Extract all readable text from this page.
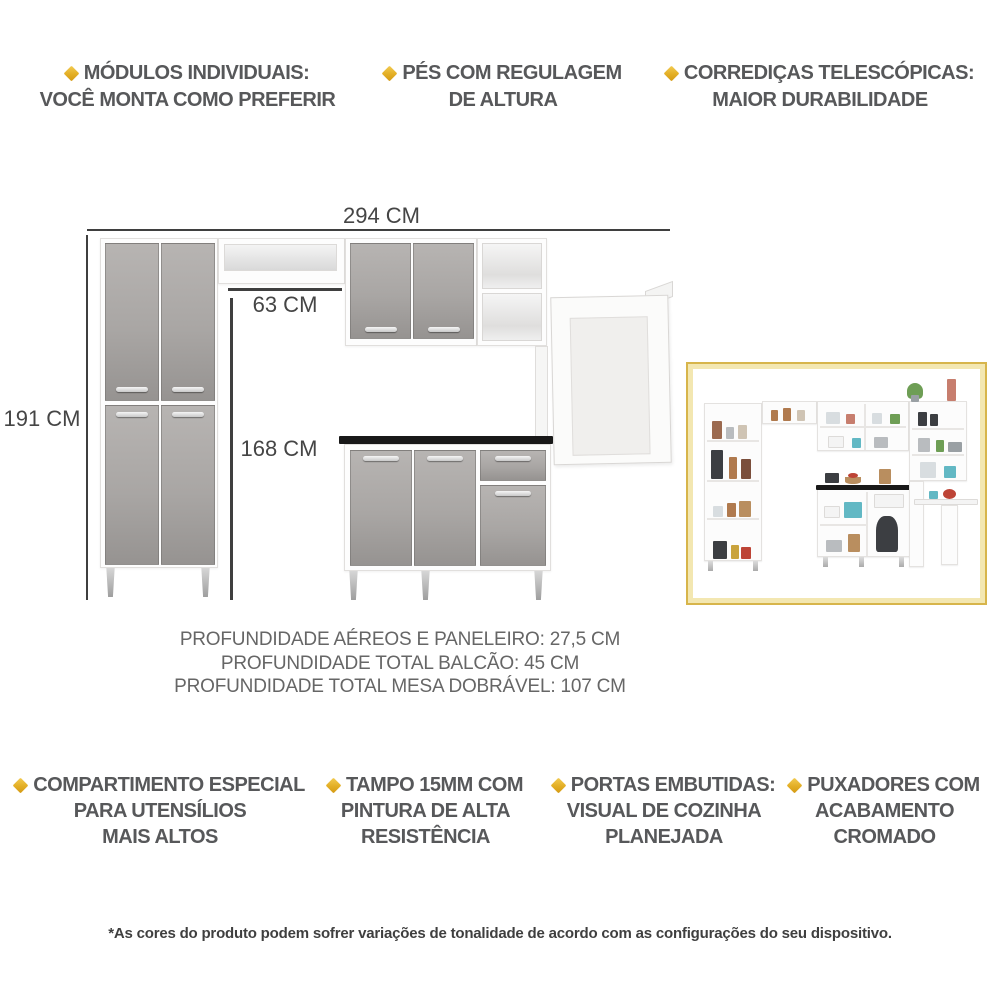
MÓDULOS INDIVIDUAIS:
VOCÊ MONTA COMO PREFERIR
PÉS COM REGULAGEM
DE ALTURA
CORREDIÇAS TELESCÓPICAS:
MAIOR DURABILIDADE
294 CM
191 CM
63 CM
168 CM
PROFUNDIDADE AÉREOS E PANELEIRO: 27,5 CM
PROFUNDIDADE TOTAL BALCÃO: 45 CM
PROFUNDIDADE TOTAL MESA DOBRÁVEL: 107 CM
COMPARTIMENTO ESPECIAL
PARA UTENSÍLIOS
MAIS ALTOS
TAMPO 15MM COM
PINTURA DE ALTA
RESISTÊNCIA
PORTAS EMBUTIDAS:
VISUAL DE COZINHA
PLANEJADA
PUXADORES COM
ACABAMENTO
CROMADO
*As cores do produto podem sofrer variações de tonalidade de acordo com as configurações do seu dispositivo.
